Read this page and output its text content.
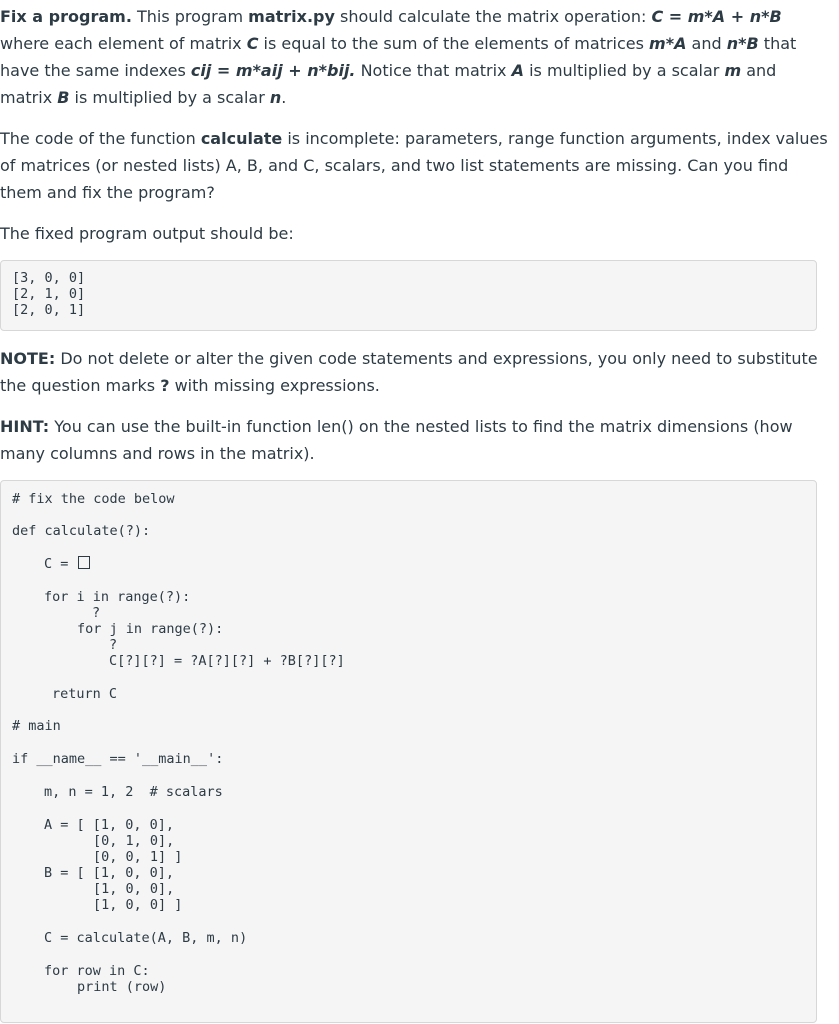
Fix a program. This program matrix.py should calculate the matrix operation: C = m*A + n*B where each element of matrix C is equal to the sum of the elements of matrices m*A and n*B that have the same indexes cij = m*aij + n*bij. Notice that matrix A is multiplied by a scalar m and matrix B is multiplied by a scalar n.

The code of the function calculate is incomplete: parameters, range function arguments, index values of matrices (or nested lists) A, B, and C, scalars, and two list statements are missing. Can you find them and fix the program?

The fixed program output should be:

[3, 0, 0]
[2, 1, 0]
[2, 0, 1]

NOTE: Do not delete or alter the given code statements and expressions, you only need to substitute the question marks ? with missing expressions.

HINT: You can use the built-in function len() on the nested lists to find the matrix dimensions (how many columns and rows in the matrix).

# fix the code below
def calculate(?):
C =
for i in range(?):
?
for j in range(?):
?
C[?][?] = ?A[?][?] + ?B[?][?]
return C
# main
if __name__ == '__main__':
m, n = 1, 2  # scalars
A = [ [1, 0, 0],
[0, 1, 0],
[0, 0, 1] ]
B = [ [1, 0, 0],
[1, 0, 0],
[1, 0, 0] ]
C = calculate(A, B, m, n)
for row in C:
print (row)
